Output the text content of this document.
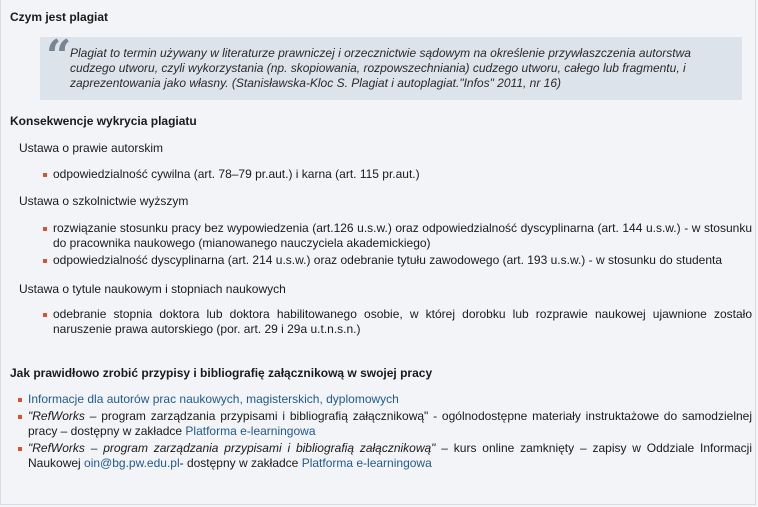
Czym jest plagiat
“
Plagiat to termin używany w literaturze prawniczej i orzecznictwie sądowym na określenie przywłaszczenia autorstwa cudzego utworu, czyli wykorzystania (np. skopiowania, rozpowszechniania) cudzego utworu, całego lub fragmentu, i zaprezentowania jako własny. (Stanisławska-Kloc S. Plagiat i autoplagiat."Infos" 2011, nr 16)
Konsekwencje wykrycia plagiatu

Ustawa o prawie autorskim

odpowiedzialność cywilna (art. 78–79 pr.aut.) i karna (art. 115 pr.aut.)

Ustawa o szkolnictwie wyższym

rozwiązanie stosunku pracy bez wypowiedzenia (art.126 u.s.w.) oraz odpowiedzialność dyscyplinarna (art. 144 u.s.w.) - w stosunku do pracownika naukowego (mianowanego nauczyciela akademickiego)
odpowiedzialność dyscyplinarna (art. 214 u.s.w.) oraz odebranie tytułu zawodowego (art. 193 u.s.w.) - w stosunku do studenta

Ustawa o tytule naukowym i stopniach naukowych

odebranie stopnia doktora lub doktora habilitowanego osobie, w której dorobku lub rozprawie naukowej ujawnione zostało naruszenie prawa autorskiego (por. art. 29 i 29a u.t.n.s.n.)
Jak prawidłowo zrobić przypisy i bibliografię załącznikową w swojej pracy
Informacje dla autorów prac naukowych, magisterskich, dyplomowych
"RefWorks – program zarządzania przypisami i bibliografią załącznikową" - ogólnodostępne materiały instruktażowe do samodzielnej pracy – dostępny w zakładce Platforma e-learningowa
"RefWorks – program zarządzania przypisami i bibliografią załącznikową" – kurs online zamknięty – zapisy w Oddziale Informacji Naukowej oin@bg.pw.edu.pl- dostępny w zakładce Platforma e-learningowa
